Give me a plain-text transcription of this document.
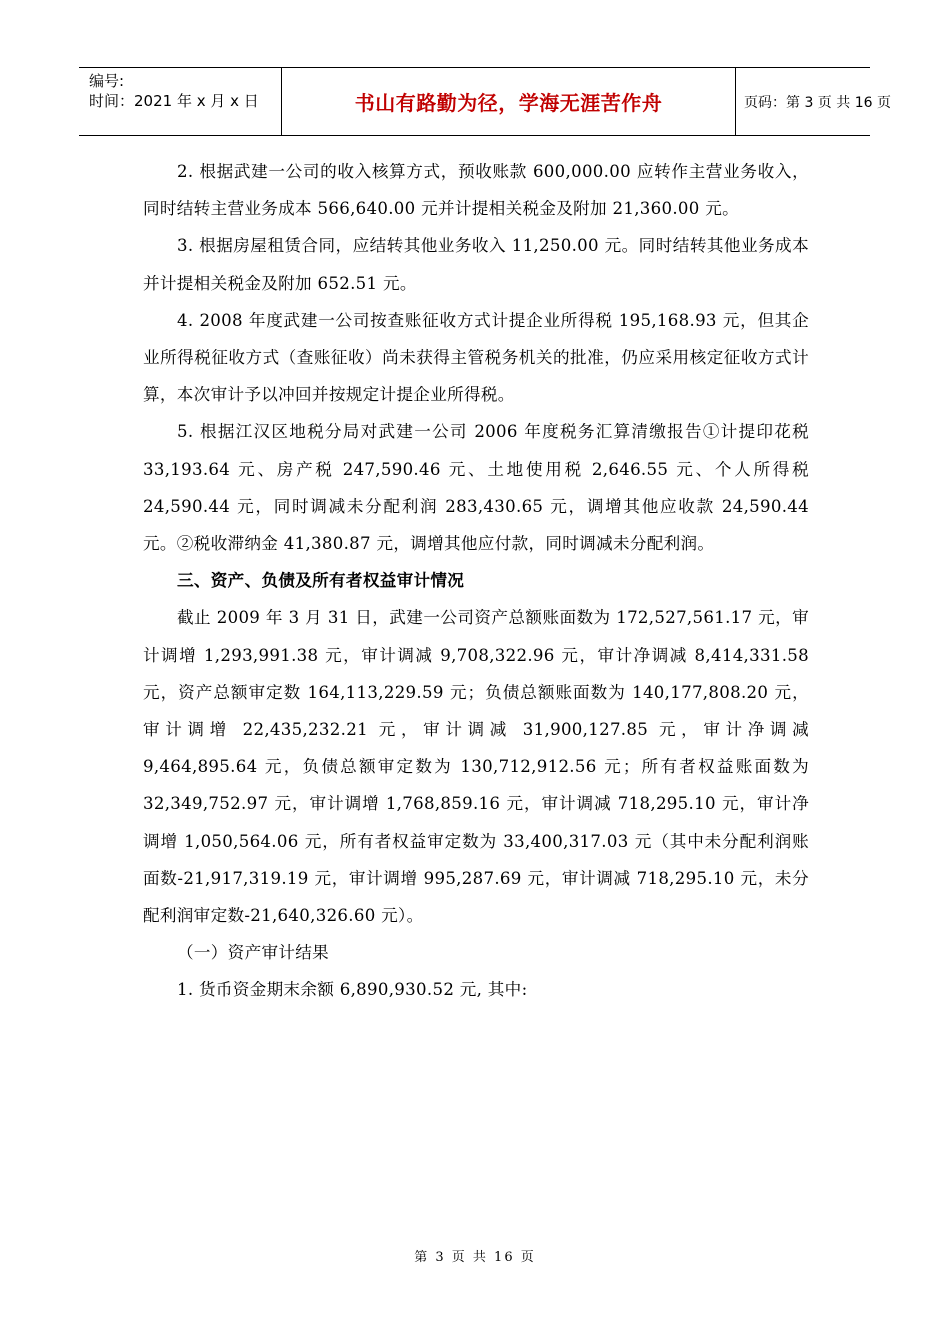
编号:
时间：2021 年 x 月 x 日	书山有路勤为径，学海无涯苦作舟	页码：第 3 页 共 16 页

2. 根据武建一公司的收入核算方式，预收账款 600,000.00 应转作主营业务收入，同时结转主营业务成本 566,640.00 元并计提相关税金及附加 21,360.00 元。

3. 根据房屋租赁合同，应结转其他业务收入 11,250.00 元。同时结转其他业务成本并计提相关税金及附加 652.51 元。

4. 2008 年度武建一公司按查账征收方式计提企业所得税 195,168.93 元，但其企业所得税征收方式（查账征收）尚未获得主管税务机关的批准，仍应采用核定征收方式计算，本次审计予以冲回并按规定计提企业所得税。

5. 根据江汉区地税分局对武建一公司 2006 年度税务汇算清缴报告①计提印花税 33,193.64 元、房产税 247,590.46 元、土地使用税 2,646.55 元、个人所得税 24,590.44 元，同时调减未分配利润 283,430.65 元，调增其他应收款 24,590.44 元。②税收滞纳金 41,380.87 元，调增其他应付款，同时调减未分配利润。

三、资产、负债及所有者权益审计情况

截止 2009 年 3 月 31 日，武建一公司资产总额账面数为 172,527,561.17 元，审计调增 1,293,991.38 元，审计调减 9,708,322.96 元，审计净调减 8,414,331.58 元，资产总额审定数 164,113,229.59 元；负债总额账面数为 140,177,808.20 元，审计调增 22,435,232.21 元，审计调减 31,900,127.85 元，审计净调减 9,464,895.64 元，负债总额审定数为 130,712,912.56 元；所有者权益账面数为 32,349,752.97 元，审计调增 1,768,859.16 元，审计调减 718,295.10 元，审计净调增 1,050,564.06 元，所有者权益审定数为 33,400,317.03 元（其中未分配利润账面数-21,917,319.19 元，审计调增 995,287.69 元，审计调减 718,295.10 元，未分配利润审定数-21,640,326.60 元）。

（一）资产审计结果

1. 货币资金期末余额 6,890,930.52 元, 其中:

第 3 页 共 16 页
